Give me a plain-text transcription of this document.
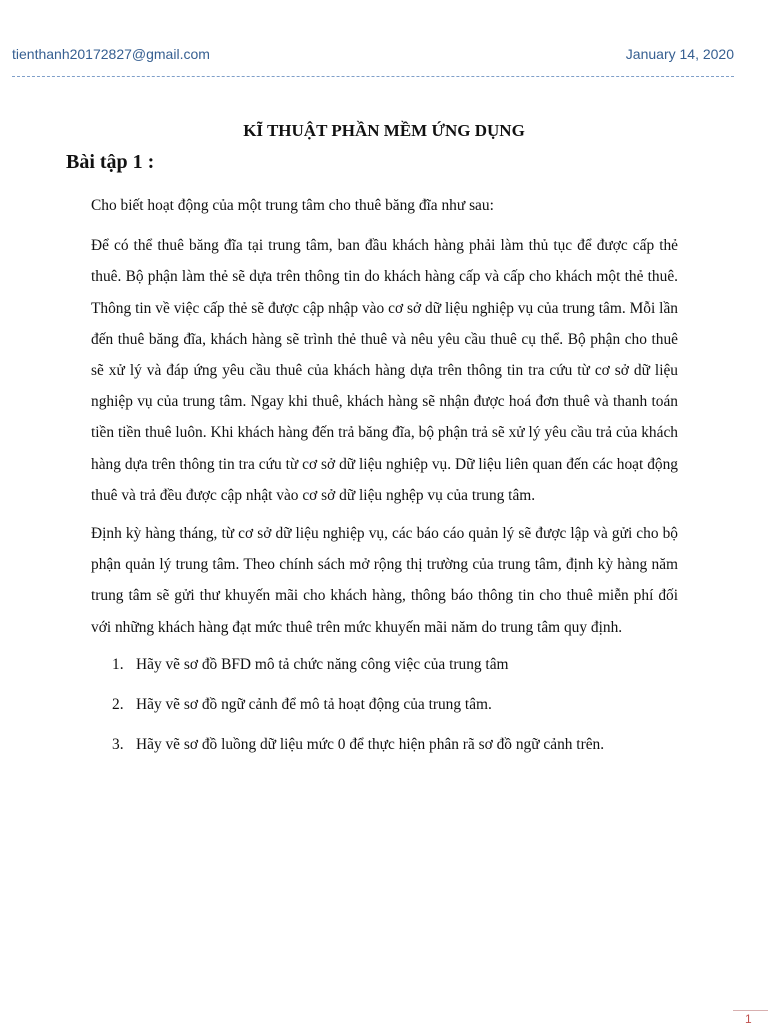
tienthanh20172827@gmail.com	January 14, 2020
KĨ THUẬT PHẦN MỀM ỨNG DỤNG
Bài tập 1 :

Cho biết hoạt động của một trung tâm cho thuê băng đĩa như sau:

Để có thể thuê băng đĩa tại trung tâm, ban đầu khách hàng phải làm thủ tục để được cấp thẻ thuê. Bộ phận làm thẻ sẽ dựa trên thông tin do khách hàng cấp và cấp cho khách một thẻ thuê. Thông tin về việc cấp thẻ sẽ được cập nhập vào cơ sở dữ liệu nghiệp vụ của trung tâm. Mỗi lần đến thuê băng đĩa, khách hàng sẽ trình thẻ thuê và nêu yêu cầu thuê cụ thể. Bộ phận cho thuê sẽ xử lý và đáp ứng yêu cầu thuê của khách hàng dựa trên thông tin tra cứu từ cơ sở dữ liệu nghiệp vụ của trung tâm. Ngay khi thuê, khách hàng sẽ nhận được hoá đơn thuê và thanh toán tiền tiền thuê luôn. Khi khách hàng đến trả băng đĩa, bộ phận trả sẽ xử lý yêu cầu trả của khách hàng dựa trên thông tin tra cứu từ cơ sở dữ liệu nghiệp vụ. Dữ liệu liên quan đến các hoạt động thuê và trả đều được cập nhật vào cơ sở dữ liệu nghệp vụ của trung tâm.

Định kỳ hàng tháng, từ cơ sở dữ liệu nghiệp vụ, các báo cáo quản lý sẽ được lập và gửi cho bộ phận quản lý trung tâm. Theo chính sách mở rộng thị trường của trung tâm, định kỳ hàng năm trung tâm sẽ gửi thư khuyến mãi cho khách hàng, thông báo thông tin cho thuê miễn phí đối với những khách hàng đạt mức thuê trên mức khuyến mãi năm do trung tâm quy định.

1. Hãy vẽ sơ đồ BFD mô tả chức năng công việc của trung tâm
2. Hãy vẽ sơ đồ ngữ cảnh để mô tả hoạt động của trung tâm.
3. Hãy vẽ sơ đồ luồng dữ liệu mức 0 để thực hiện phân rã sơ đồ ngữ cảnh trên.
1
